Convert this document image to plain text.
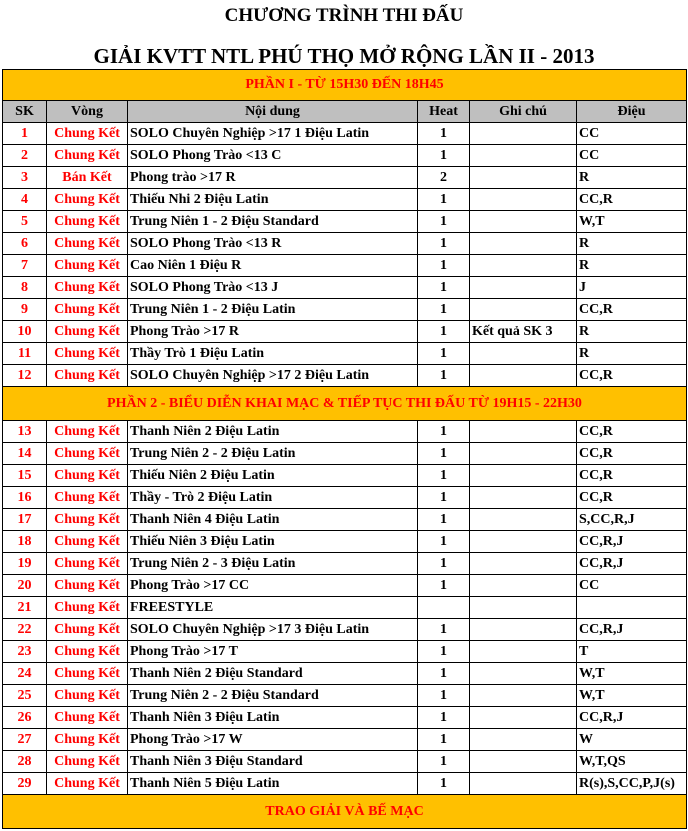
CHƯƠNG TRÌNH THI ĐẤU
GIẢI KVTT NTL PHÚ THỌ MỞ RỘNG LẦN II - 2013
PHẦN I - TỪ 15H30 ĐẾN 18H45					
SK	Vòng	Nội dung	Heat	Ghi chú	Điệu
1	Chung Kết	SOLO Chuyên Nghiệp >17 1 Điệu Latin	1		CC
2	Chung Kết	SOLO Phong Trào <13 C	1		CC
3	Bán Kết	Phong trào >17 R	2		R
4	Chung Kết	Thiếu Nhi 2 Điệu Latin	1		CC,R
5	Chung Kết	Trung Niên 1 - 2 Điệu Standard	1		W,T
6	Chung Kết	SOLO Phong Trào <13 R	1		R
7	Chung Kết	Cao Niên 1 Điệu R	1		R
8	Chung Kết	SOLO Phong Trào <13 J	1		J
9	Chung Kết	Trung Niên 1 - 2 Điệu Latin	1		CC,R
10	Chung Kết	Phong Trào >17 R	1	Kết quả SK 3	R
11	Chung Kết	Thầy Trò 1 Điệu Latin	1		R
12	Chung Kết	SOLO Chuyên Nghiệp >17 2 Điệu Latin	1		CC,R
PHẦN 2 - BIỂU DIỄN KHAI MẠC & TIẾP TỤC THI ĐẤU TỪ 19H15 - 22H30					
13	Chung Kết	Thanh Niên 2 Điệu Latin	1		CC,R
14	Chung Kết	Trung Niên 2 - 2 Điệu Latin	1		CC,R
15	Chung Kết	Thiếu Niên 2 Điệu Latin	1		CC,R
16	Chung Kết	Thầy - Trò 2 Điệu Latin	1		CC,R
17	Chung Kết	Thanh Niên 4 Điệu Latin	1		S,CC,R,J
18	Chung Kết	Thiếu Niên 3 Điệu Latin	1		CC,R,J
19	Chung Kết	Trung Niên 2 - 3 Điệu Latin	1		CC,R,J
20	Chung Kết	Phong Trào >17 CC	1		CC
21	Chung Kết	FREESTYLE			
22	Chung Kết	SOLO Chuyên Nghiệp >17 3 Điệu Latin	1		CC,R,J
23	Chung Kết	Phong Trào >17 T	1		T
24	Chung Kết	Thanh Niên 2 Điệu Standard	1		W,T
25	Chung Kết	Trung Niên 2 - 2 Điệu Standard	1		W,T
26	Chung Kết	Thanh Niên 3 Điệu Latin	1		CC,R,J
27	Chung Kết	Phong Trào >17 W	1		W
28	Chung Kết	Thanh Niên 3 Điệu Standard	1		W,T,QS
29	Chung Kết	Thanh Niên 5 Điệu Latin	1		R(s),S,CC,P,J(s)
TRAO GIẢI VÀ BẾ MẠC					
